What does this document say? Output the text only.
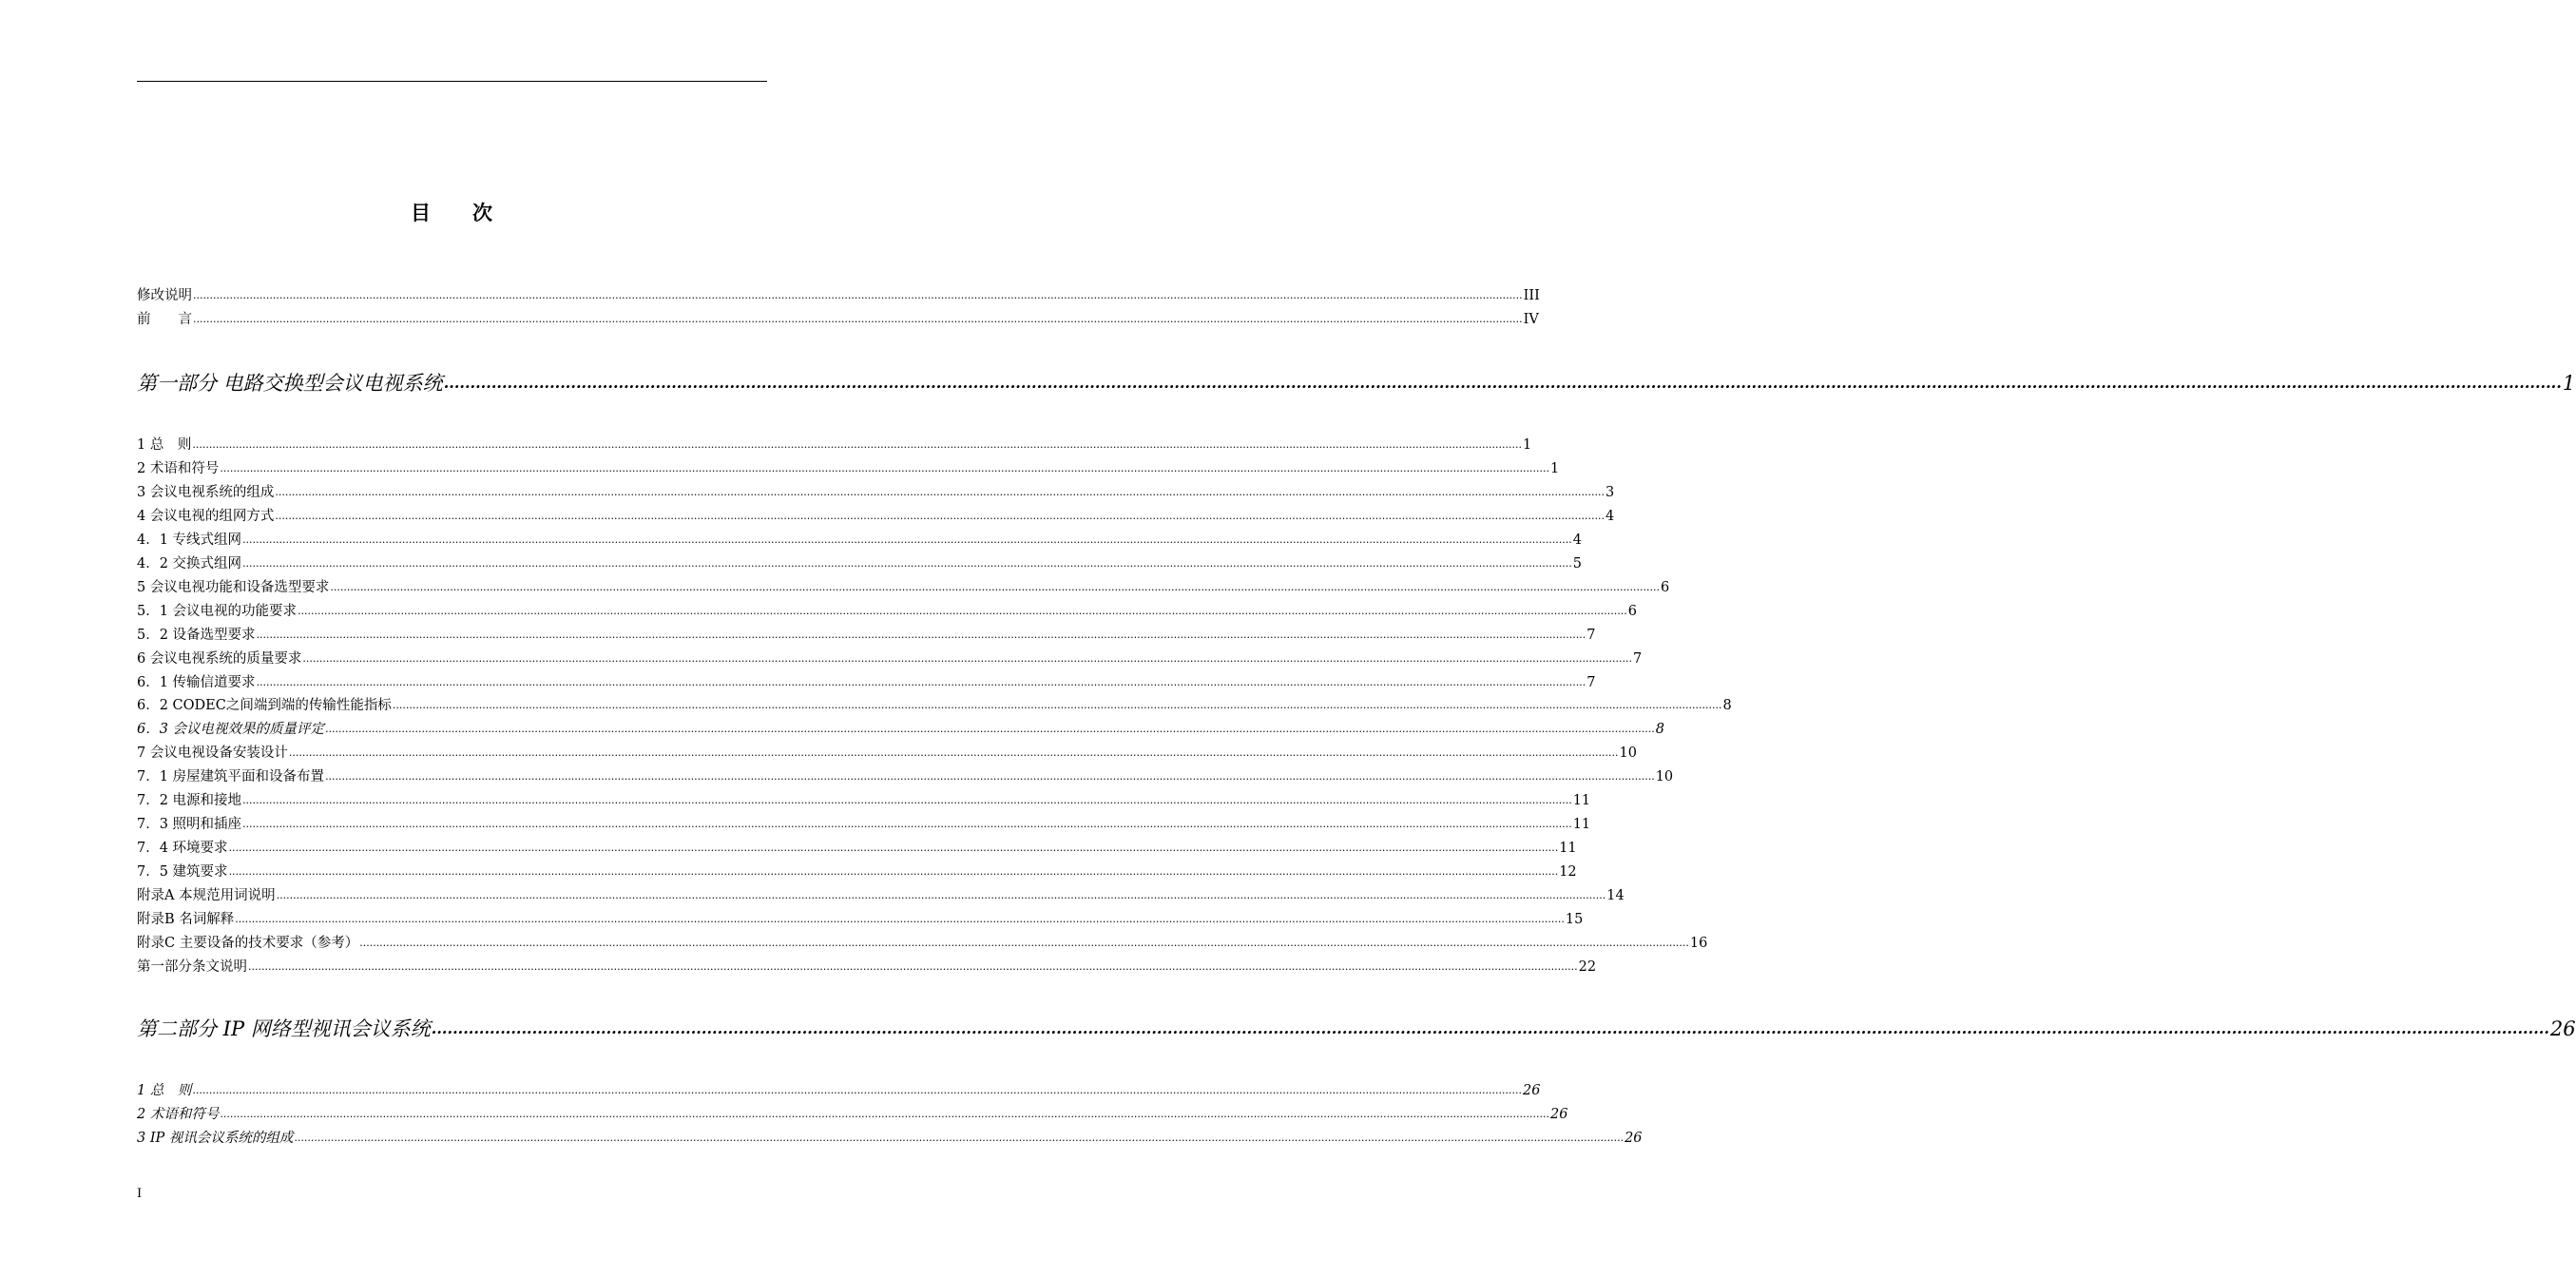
目次
修改说明 ................................................................................................................................................................................................................................................................................................................................................................................................................ III
前　　言 ................................................................................................................................................................................................................................................................................................................................................................................................................ IV
第一部分 电路交换型会议电视系统 ................................................................................................................................................................................................................................................................................................................................................................................................................ 1
1 总　则 ................................................................................................................................................................................................................................................................................................................................................................................................................ 1
2 术语和符号 ................................................................................................................................................................................................................................................................................................................................................................................................................ 1
3 会议电视系统的组成 ................................................................................................................................................................................................................................................................................................................................................................................................................ 3
4 会议电视的组网方式 ................................................................................................................................................................................................................................................................................................................................................................................................................ 4
4．1 专线式组网 ................................................................................................................................................................................................................................................................................................................................................................................................................ 4
4．2 交换式组网 ................................................................................................................................................................................................................................................................................................................................................................................................................ 5
5 会议电视功能和设备选型要求 ................................................................................................................................................................................................................................................................................................................................................................................................................ 6
5．1 会议电视的功能要求 ................................................................................................................................................................................................................................................................................................................................................................................................................ 6
5．2 设备选型要求 ................................................................................................................................................................................................................................................................................................................................................................................................................ 7
6 会议电视系统的质量要求 ................................................................................................................................................................................................................................................................................................................................................................................................................ 7
6．1 传输信道要求 ................................................................................................................................................................................................................................................................................................................................................................................................................ 7
6．2 CODEC之间端到端的传输性能指标 ................................................................................................................................................................................................................................................................................................................................................................................................................ 8
6．3 会议电视效果的质量评定 ................................................................................................................................................................................................................................................................................................................................................................................................................ 8
7 会议电视设备安装设计 ................................................................................................................................................................................................................................................................................................................................................................................................................ 10
7．1 房屋建筑平面和设备布置 ................................................................................................................................................................................................................................................................................................................................................................................................................ 10
7．2 电源和接地 ................................................................................................................................................................................................................................................................................................................................................................................................................ 11
7．3 照明和插座 ................................................................................................................................................................................................................................................................................................................................................................................................................ 11
7．4 环境要求 ................................................................................................................................................................................................................................................................................................................................................................................................................ 11
7．5 建筑要求 ................................................................................................................................................................................................................................................................................................................................................................................................................ 12
附录A 本规范用词说明 ................................................................................................................................................................................................................................................................................................................................................................................................................ 14
附录B 名词解释 ................................................................................................................................................................................................................................................................................................................................................................................................................ 15
附录C 主要设备的技术要求（参考） ................................................................................................................................................................................................................................................................................................................................................................................................................ 16
第一部分条文说明 ................................................................................................................................................................................................................................................................................................................................................................................................................ 22
第二部分 IP 网络型视讯会议系统 ................................................................................................................................................................................................................................................................................................................................................................................................................ 26
1 总　则 ................................................................................................................................................................................................................................................................................................................................................................................................................ 26
2 术语和符号 ................................................................................................................................................................................................................................................................................................................................................................................................................ 26
3 IP 视讯会议系统的组成 ................................................................................................................................................................................................................................................................................................................................................................................................................ 26
I
